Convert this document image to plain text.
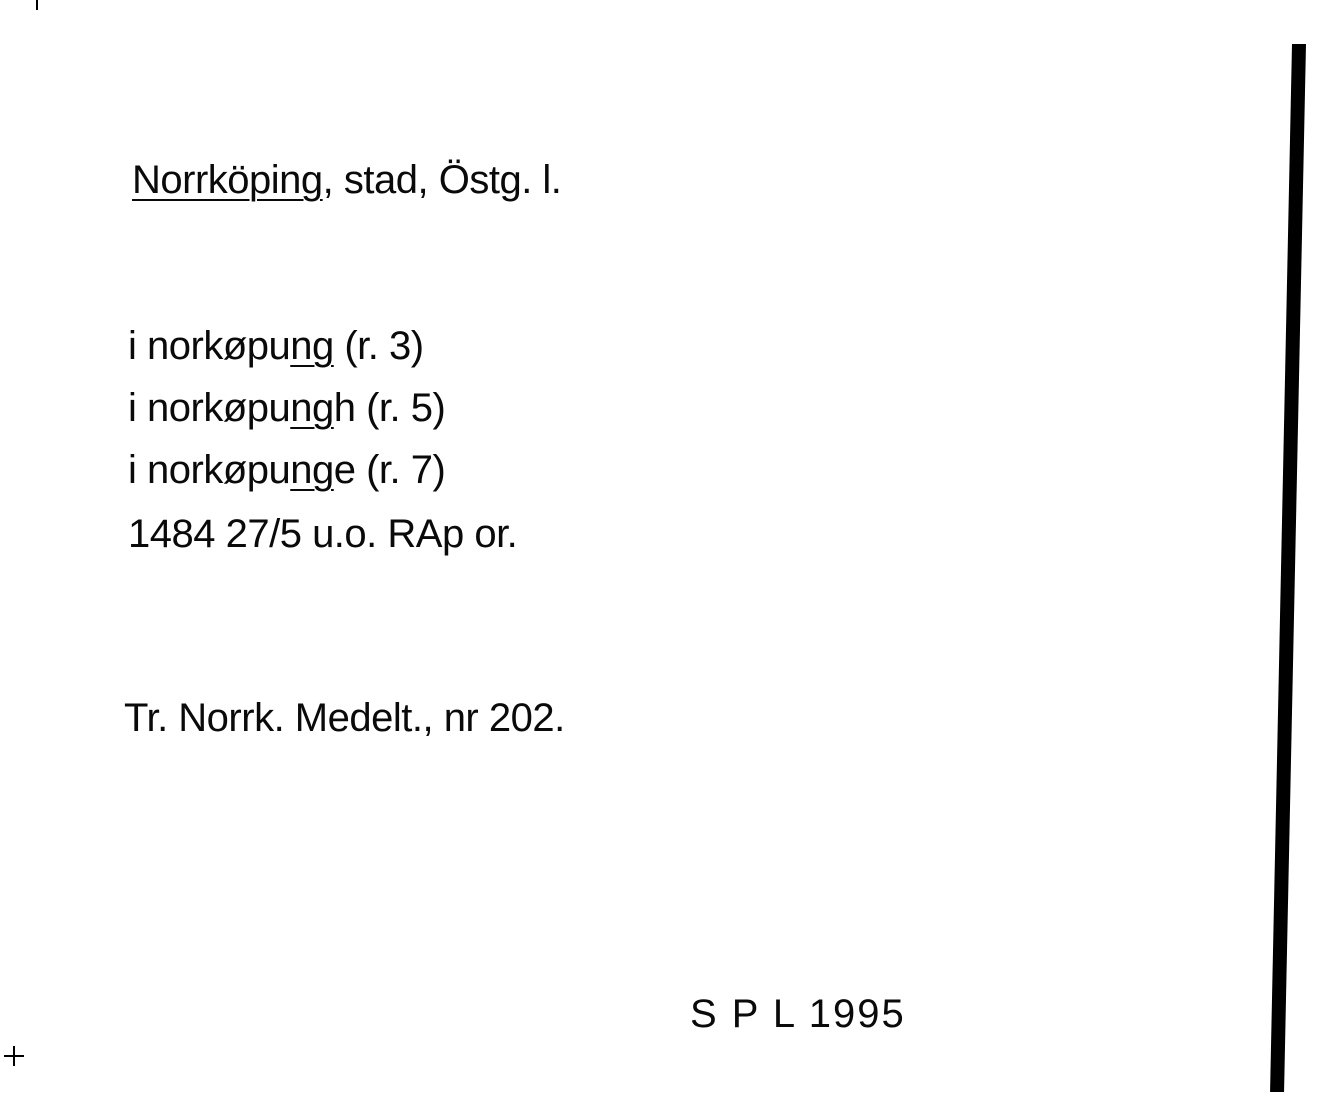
Norrköping, stad, Östg. l.
i norkøpung (r. 3)
i norkøpungh (r. 5)
i norkøpunge (r. 7)
1484 27/5 u.o. RAp or.
Tr. Norrk. Medelt., nr 202.
S P L 1995
